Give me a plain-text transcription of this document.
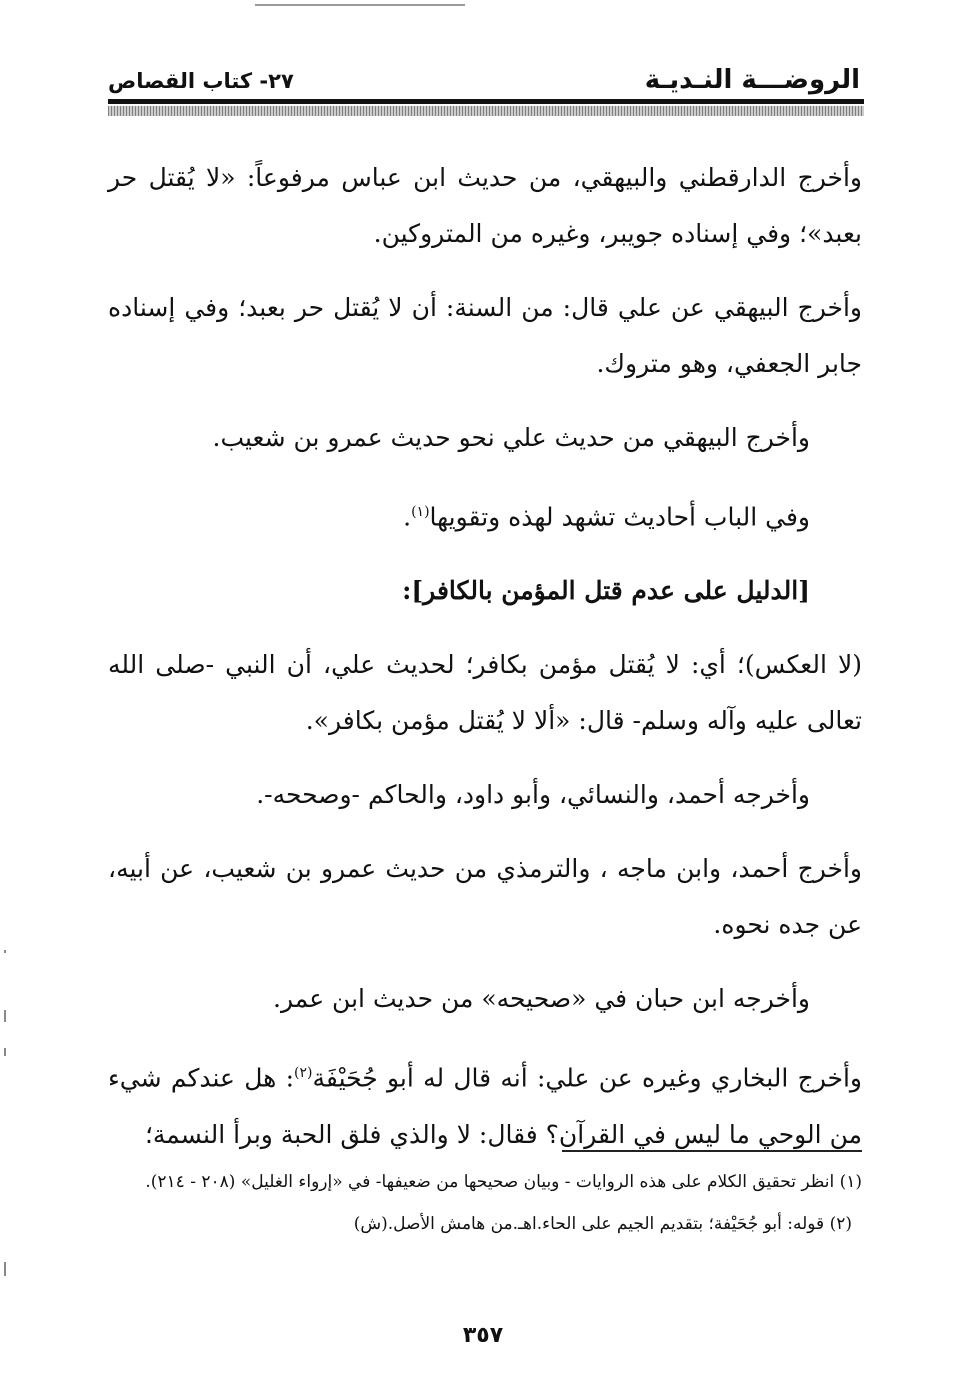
الروضـــة النـديـة
٢٧- كتاب القصاص

وأخرج الدارقطني والبيهقي، من حديث ابن عباس مرفوعاً: «لا يُقتل حر بعبد»؛ وفي إسناده جويبر، وغيره من المتروكين.

وأخرج البيهقي عن علي قال: من السنة: أن لا يُقتل حر بعبد؛ وفي إسناده جابر الجعفي، وهو متروك.

وأخرج البيهقي من حديث علي نحو حديث عمرو بن شعيب.

وفي الباب أحاديث تشهد لهذه وتقويها$^{(١)}$.

[الدليل على عدم قتل المؤمن بالكافر]:

(لا العكس)؛ أي: لا يُقتل مؤمن بكافر؛ لحديث علي، أن النبي -صلى الله تعالى عليه وآله وسلم- قال: «ألا لا يُقتل مؤمن بكافر».

وأخرجه أحمد، والنسائي، وأبو داود، والحاكم -وصححه-.

وأخرج أحمد، وابن ماجه ، والترمذي من حديث عمرو بن شعيب، عن أبيه، عن جده نحوه.

وأخرجه ابن حبان في «صحيحه» من حديث ابن عمر.

وأخرج البخاري وغيره عن علي: أنه قال له أبو جُحَيْفَة$^{(٢)}$: هل عندكم شيء من الوحي ما ليس في القرآن؟ فقال: لا والذي فلق الحبة وبرأ النسمة؛

(١) انظر تحقيق الكلام على هذه الروايات - وبيان صحيحها من ضعيفها- في «إرواء الغليل» (٢٠٨ - ٢١٤).

(٢) قوله: أبو جُحَيْفة؛ بتقديم الجيم على الحاء.اهـ.من هامش الأصل.(ش)

٣٥٧
